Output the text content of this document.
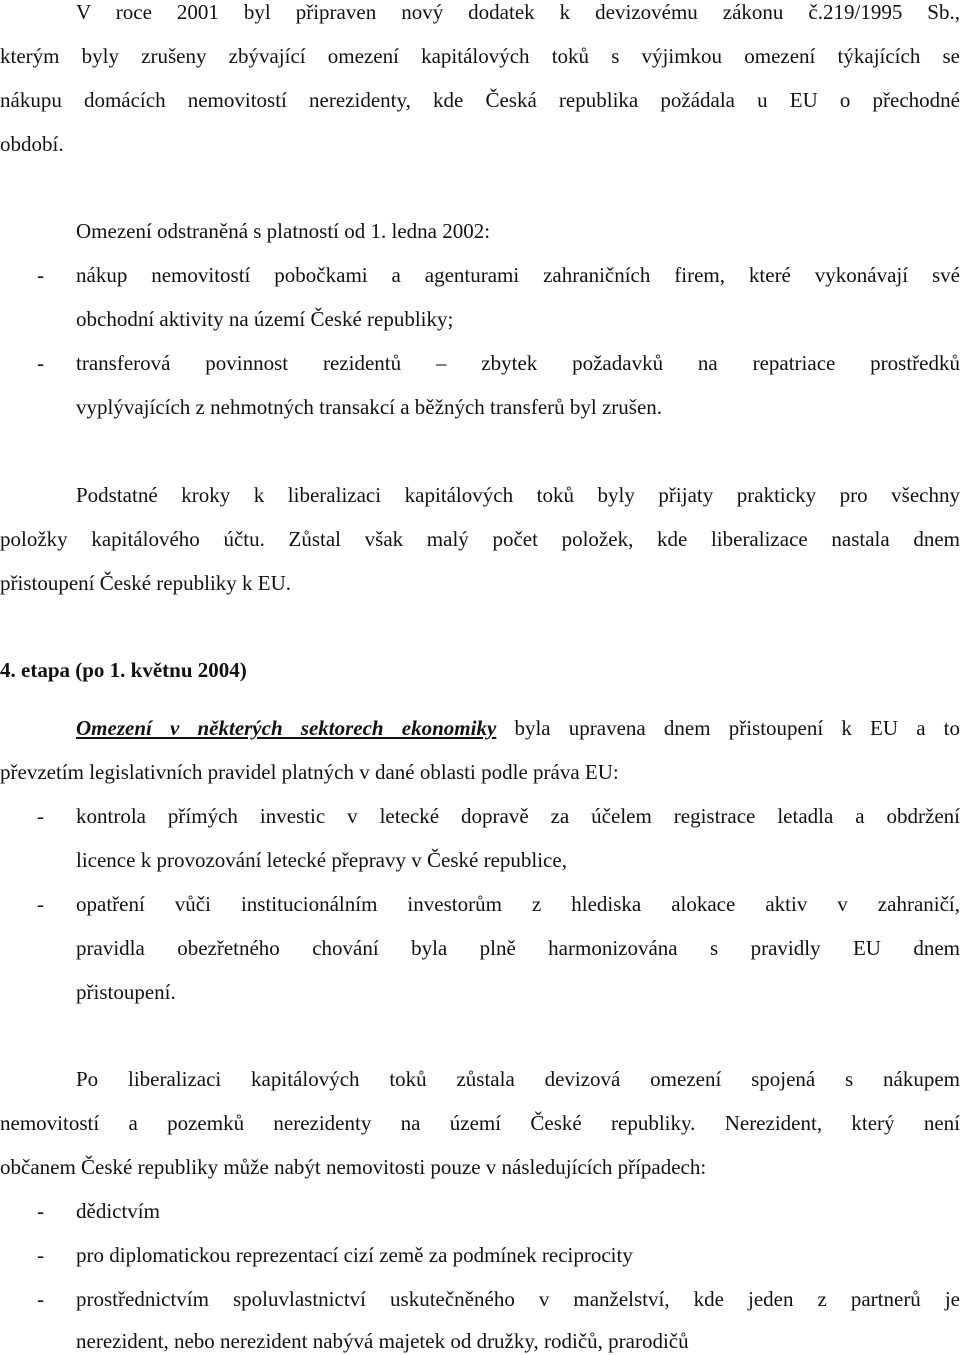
V roce 2001 byl připraven nový dodatek k devizovému zákonu č.219/1995 Sb.,
kterým byly zrušeny zbývající omezení kapitálových toků s výjimkou omezení týkajících se
nákupu domácích nemovitostí nerezidenty, kde Česká republika požádala u EU o přechodné
období.
Omezení odstraněná s platností od 1. ledna 2002:
- nákup nemovitostí pobočkami a agenturami zahraničních firem, které vykonávají své
obchodní aktivity na území České republiky;
- transferová povinnost rezidentů – zbytek požadavků na repatriace prostředků
vyplývajících z nehmotných transakcí a běžných transferů byl zrušen.
Podstatné kroky k liberalizaci kapitálových toků byly přijaty prakticky pro všechny
položky kapitálového účtu. Zůstal však malý počet položek, kde liberalizace nastala dnem
přistoupení České republiky k EU.
4. etapa (po 1. květnu 2004)
Omezení v některých sektorech ekonomiky byla upravena dnem přistoupení k EU a to
převzetím legislativních pravidel platných v dané oblasti podle práva EU:
- kontrola přímých investic v letecké dopravě za účelem registrace letadla a obdržení
licence k provozování letecké přepravy v České republice,
- opatření vůči institucionálním investorům z hlediska alokace aktiv v zahraničí,
pravidla obezřetného chování byla plně harmonizována s pravidly EU dnem
přistoupení.
Po liberalizaci kapitálových toků zůstala devizová omezení spojená s nákupem
nemovitostí a pozemků nerezidenty na území České republiky. Nerezident, který není
občanem České republiky může nabýt nemovitosti pouze v následujících případech:
- dědictvím
- pro diplomatickou reprezentací cizí země za podmínek reciprocity
- prostřednictvím spoluvlastnictví uskutečněného v manželství, kde jeden z partnerů je
nerezident, nebo nerezident nabývá majetek od družky, rodičů, prarodičů
